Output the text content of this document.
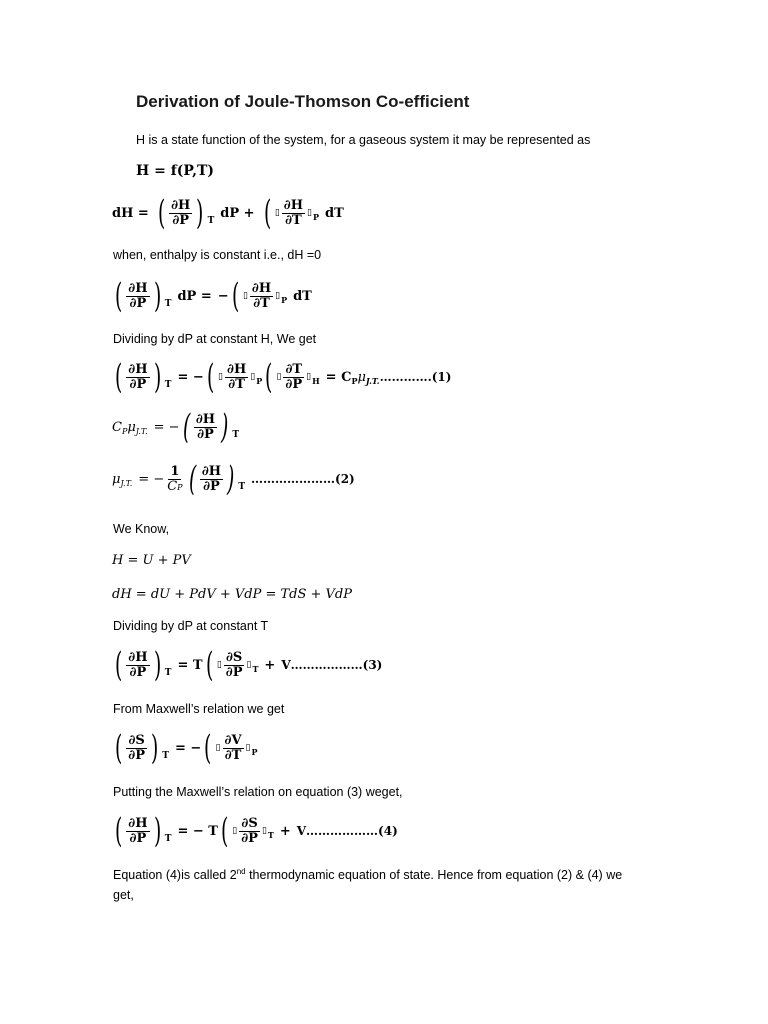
Derivation of Joule-Thomson Co-efficient
H is a state function of the system, for a gaseous system it may be represented as
H = f(P,T)
dH = ( $\frac{\partial H}{\partial P}$ ) T
dP + ( ▯ $\frac{\partial H}{\partial T}$ ▯ P dT
when, enthalpy is constant i.e., dH =0
( $\frac{\partial H}{\partial P}$ ) T
dP = − ( ▯ $\frac{\partial H}{\partial T}$ ▯ P dT
Dividing by dP at constant H, We get
( $\frac{\partial H}{\partial P}$ ) T
= − ( ▯ $\frac{\partial H}{\partial T}$ ▯ P ( ▯ $\frac{\partial T}{\partial P}$ ▯ H = C P μ J.T. ………….(1)
C P μ J.T. = − ( $\frac{\partial H}{\partial P}$ ) T
μ J.T. = − $\frac{1}{CP}$ ( $\frac{\partial H}{\partial P}$ ) T
…………………(2)
We Know,
H = U + PV
dH = dU + PdV + VdP = TdS + VdP
Dividing by dP at constant T
( $\frac{\partial H}{\partial P}$ ) T
= T ( ▯ $\frac{\partial S}{\partial P}$ ▯ T + V………………(3)
From Maxwell’s relation we get
( $\frac{\partial S}{\partial P}$ ) T
= − ( ▯ $\frac{\partial V}{\partial T}$ ▯ P
Putting the Maxwell’s relation on equation (3) weget,
( $\frac{\partial H}{\partial P}$ ) T
= − T ( ▯ $\frac{\partial S}{\partial P}$ ▯ T + V………………(4)
Equation (4)is called 2nd thermodynamic equation of state. Hence from equation (2) & (4) we
get,
